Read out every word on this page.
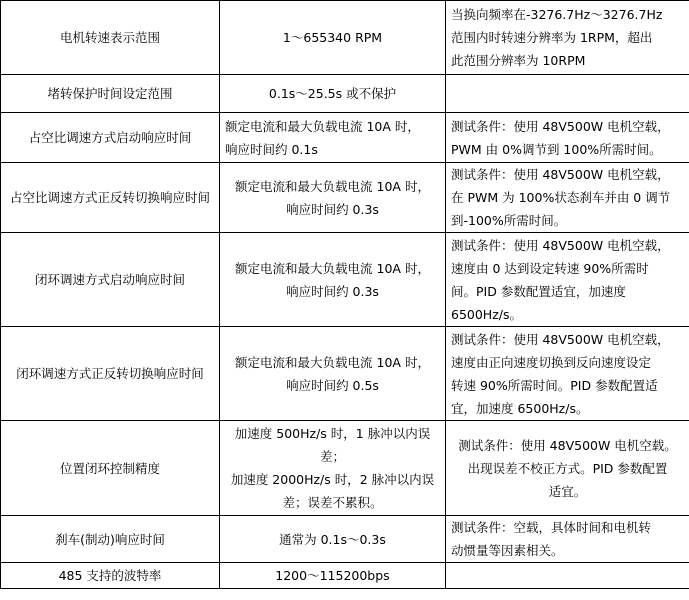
电机转速表示范围	1～655340 RPM	当换向频率在-3276.7Hz～3276.7Hz
范围内时转速分辨率为 1RPM，超出
此范围分辨率为 10RPM

堵转保护时间设定范围	0.1s～25.5s 或不保护	

占空比调速方式启动响应时间	额定电流和最大负载电流 10A 时，
响应时间约 0.1s	测试条件：使用 48V500W 电机空载，
PWM 由 0%调节到 100%所需时间。

占空比调速方式正反转切换响应时间	额定电流和最大负载电流 10A 时，
响应时间约 0.3s	测试条件：使用 48V500W 电机空载，
在 PWM 为 100%状态刹车并由 0 调节
到-100%所需时间。

闭环调速方式启动响应时间	额定电流和最大负载电流 10A 时，
响应时间约 0.3s	测试条件：使用 48V500W 电机空载，
速度由 0 达到设定转速 90%所需时
间。PID 参数配置适宜，加速度
6500Hz/s。

闭环调速方式正反转切换响应时间	额定电流和最大负载电流 10A 时，
响应时间约 0.5s	测试条件：使用 48V500W 电机空载，
速度由正向速度切换到反向速度设定
转速 90%所需时间。PID 参数配置适
宜，加速度 6500Hz/s。

位置闭环控制精度	加速度 500Hz/s 时，1 脉冲以内误
差；
加速度 2000Hz/s 时，2 脉冲以内误
差；误差不累积。	测试条件：使用 48V500W 电机空载。
出现误差不校正方式。PID 参数配置
适宜。

刹车(制动)响应时间	通常为 0.1s～0.3s	测试条件：空载，具体时间和电机转
动惯量等因素相关。

485 支持的波特率	1200～115200bps	
